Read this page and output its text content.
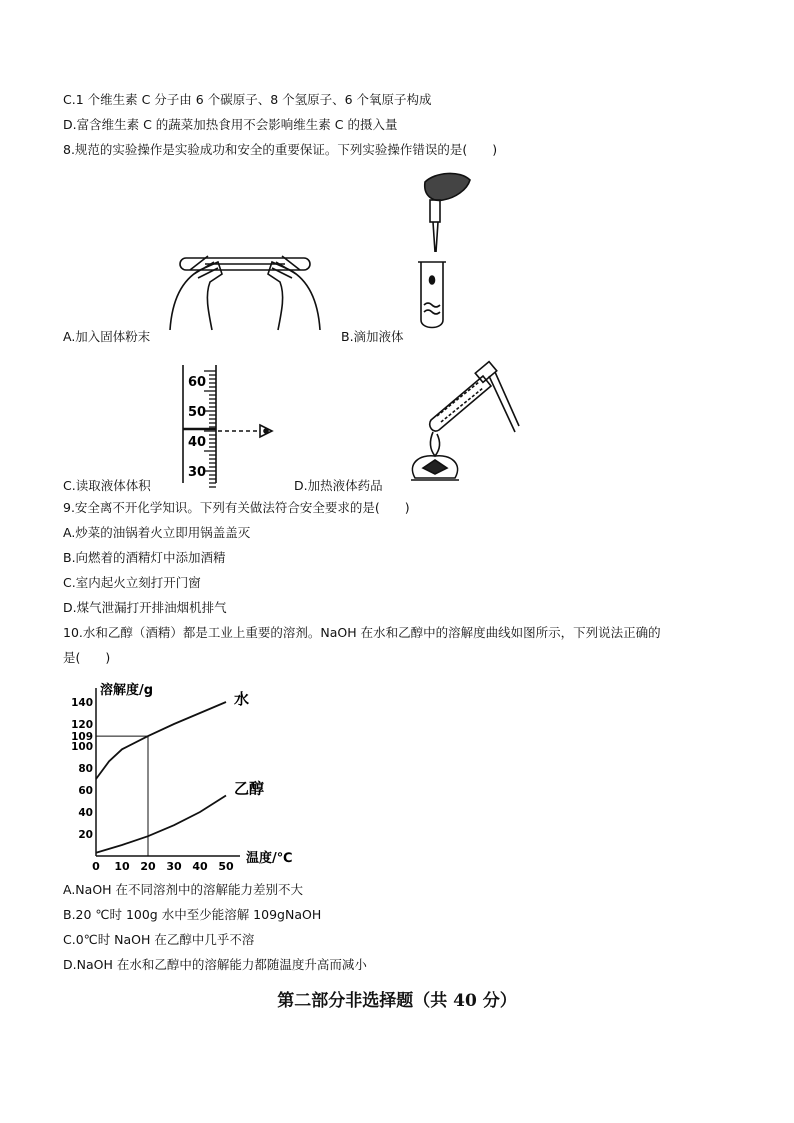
C.1 个维生素 C 分子由 6 个碳原子、8 个氢原子、6 个氧原子构成
D.富含维生素 C 的蔬菜加热食用不会影响维生素 C 的摄入量
8.规范的实验操作是实验成功和安全的重要保证。下列实验操作错误的是(　　)
A.加入固体粉末	B.滴加液体
60
50
40
30
C.读取液体体积	D.加热液体药品
9.安全离不开化学知识。下列有关做法符合安全要求的是(　　)
A.炒菜的油锅着火立即用锅盖盖灭
B.向燃着的酒精灯中添加酒精
C.室内起火立刻打开门窗
D.煤气泄漏打开排油烟机排气
10.水和乙醇（酒精）都是工业上重要的溶剂。NaOH 在水和乙醇中的溶解度曲线如图所示，下列说法正确的
是(　　)
溶解度/g
温度/℃
0 10 20 30 40 50
20
40
60
80
100
109
120
140	水
乙醇
A.NaOH 在不同溶剂中的溶解能力差别不大
B.20 ℃时 100g 水中至少能溶解 109gNaOH
C.0℃时 NaOH 在乙醇中几乎不溶
D.NaOH 在水和乙醇中的溶解能力都随温度升高而减小
第二部分非选择题（共 40 分）
